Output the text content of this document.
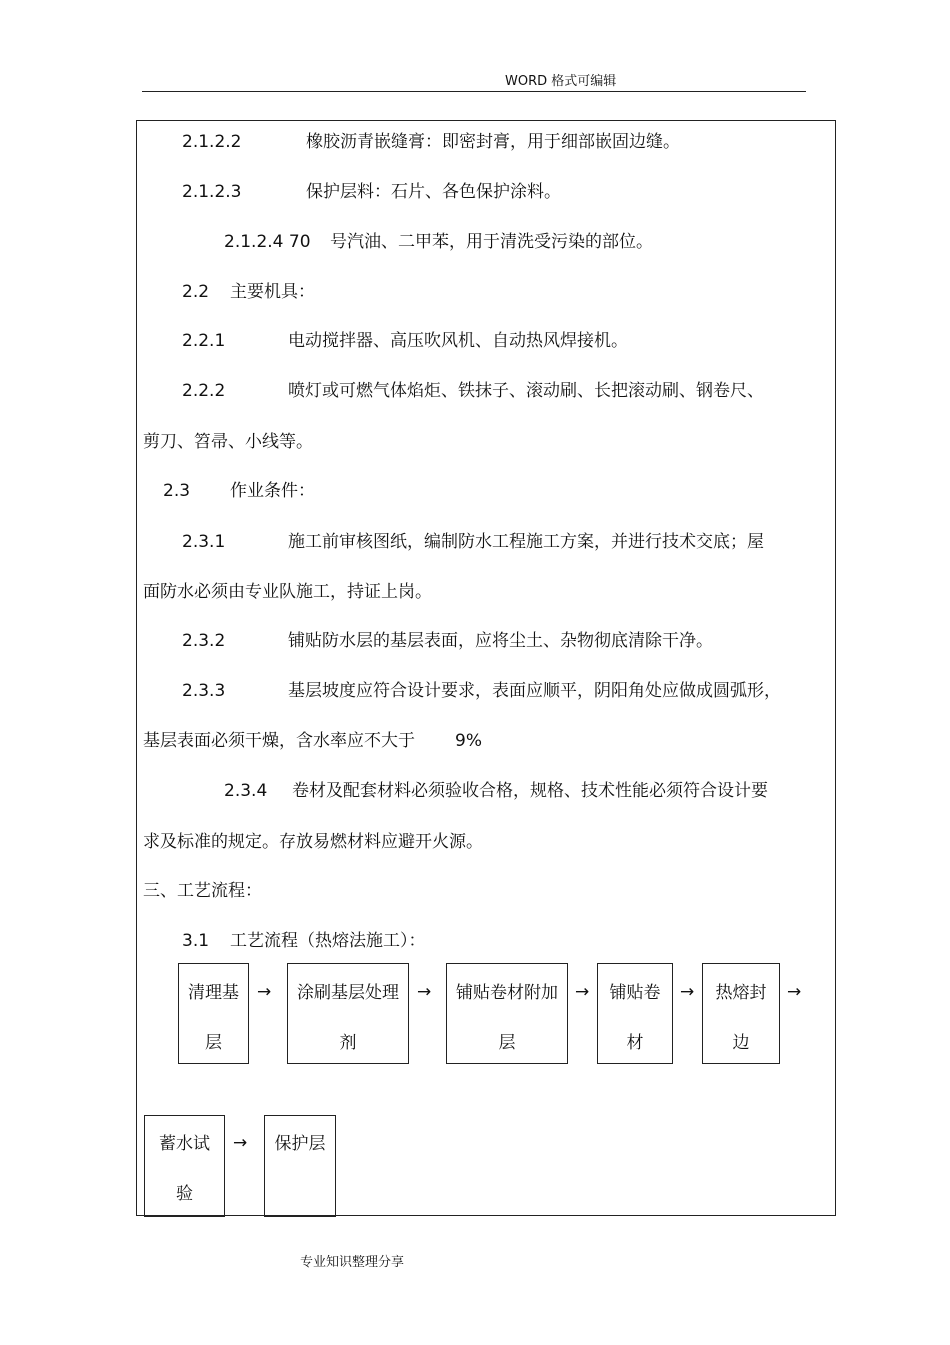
WORD 格式可编辑
2.1.2.2	橡胶沥青嵌缝膏：即密封膏，用于细部嵌固边缝。
2.1.2.3	保护层料：石片、各色保护涂料。
2.1.2.4 70 号汽油、二甲苯，用于清洗受污染的部位。
2.2 主要机具：
2.2.1	电动搅拌器、高压吹风机、自动热风焊接机。
2.2.2	喷灯或可燃气体焰炬、铁抹子、滚动刷、长把滚动刷、钢卷尺、
剪刀、笤帚、小线等。
2.3 作业条件：
2.3.1	施工前审核图纸，编制防水工程施工方案，并进行技术交底；屋
面防水必须由专业队施工，持证上岗。
2.3.2	铺贴防水层的基层表面，应将尘土、杂物彻底清除干净。
2.3.3	基层坡度应符合设计要求，表面应顺平，阴阳角处应做成圆弧形，
基层表面必须干燥，含水率应不大于 9%
2.3.4 卷材及配套材料必须验收合格，规格、技术性能必须符合设计要
求及标准的规定。存放易燃材料应避开火源。
三、工艺流程：
3.1 工艺流程（热熔法施工）：
清理基
层
→	涂刷基层处理
剂
→	铺贴卷材附加
层
→	铺贴卷
材
→	热熔封
边
→
蓄水试
验
→	保护层
专业知识整理分享
